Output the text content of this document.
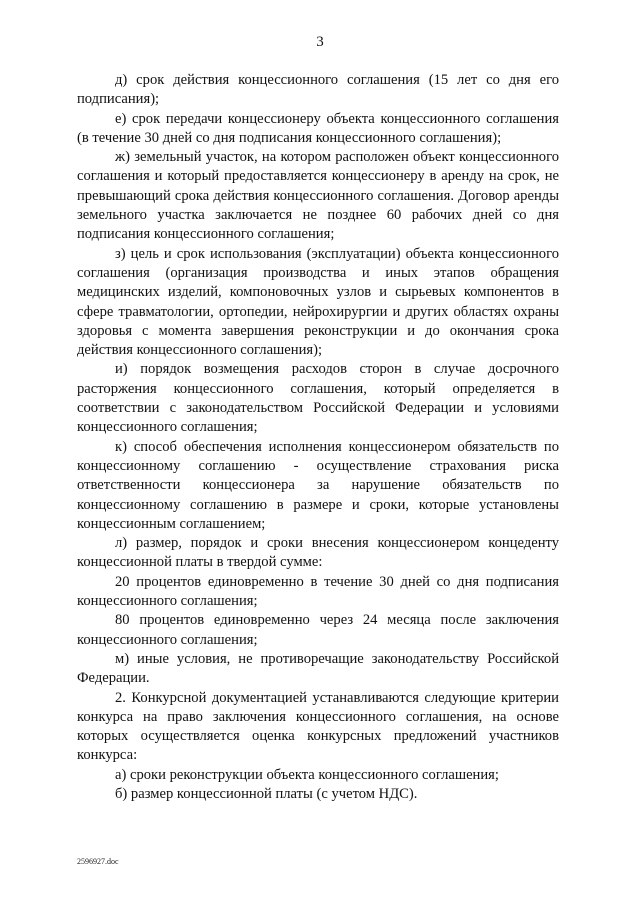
3

д) срок действия концессионного соглашения (15 лет со дня его подписания);

е) срок передачи концессионеру объекта концессионного соглашения (в течение 30 дней со дня подписания концессионного соглашения);

ж) земельный участок, на котором расположен объект концессионного соглашения и который предоставляется концессионеру в аренду на срок, не превышающий срока действия концессионного соглашения. Договор аренды земельного участка заключается не позднее 60 рабочих дней со дня подписания концессионного соглашения;

з) цель и срок использования (эксплуатации) объекта концессионного соглашения (организация производства и иных этапов обращения медицинских изделий, компоновочных узлов и сырьевых компонентов в сфере травматологии, ортопедии, нейрохирургии и других областях охраны здоровья с момента завершения реконструкции и до окончания срока действия концессионного соглашения);

и) порядок возмещения расходов сторон в случае досрочного расторжения концессионного соглашения, который определяется в соответствии с законодательством Российской Федерации и условиями концессионного соглашения;

к) способ обеспечения исполнения концессионером обязательств по концессионному соглашению - осуществление страхования риска ответственности концессионера за нарушение обязательств по концессионному соглашению в размере и сроки, которые установлены концессионным соглашением;

л) размер, порядок и сроки внесения концессионером концеденту концессионной платы в твердой сумме:

20 процентов единовременно в течение 30 дней со дня подписания концессионного соглашения;

80 процентов единовременно через 24 месяца после заключения концессионного соглашения;

м) иные условия, не противоречащие законодательству Российской Федерации.

2. Конкурсной документацией устанавливаются следующие критерии конкурса на право заключения концессионного соглашения, на основе которых осуществляется оценка конкурсных предложений участников конкурса:

а) сроки реконструкции объекта концессионного соглашения;

б) размер концессионной платы (с учетом НДС).

2596927.doc
